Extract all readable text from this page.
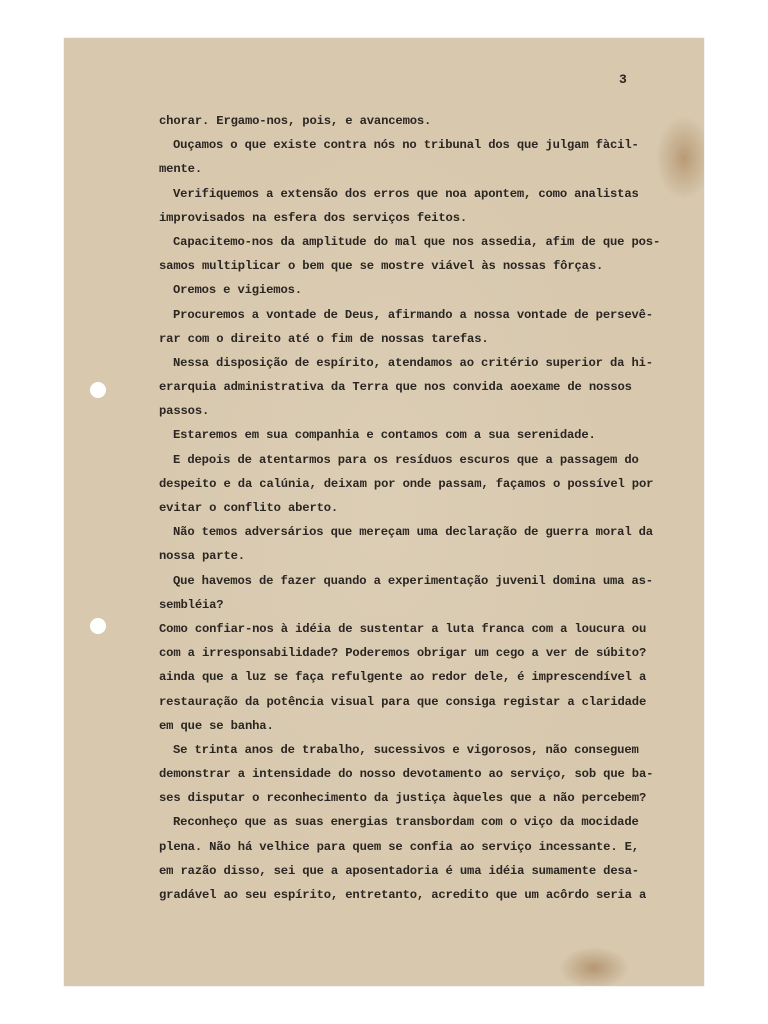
3
chorar. Ergamo-nos, pois, e avancemos.
Ouçamos o que existe contra nós no tribunal dos que julgam fàcil-
mente.
Verifiquemos a extensão dos erros que noa apontem, como analistas
improvisados na esfera dos serviços feitos.
Capacitemo-nos da amplitude do mal que nos assedia, afim de que pos-
samos multiplicar o bem que se mostre viável às nossas fôrças.
Oremos e vigiemos.
Procuremos a vontade de Deus, afirmando a nossa vontade de persevê-
rar com o direito até o fim de nossas tarefas.
Nessa disposição de espírito, atendamos ao critério superior da hi-
erarquia administrativa da Terra que nos convida aoexame de nossos
passos.
Estaremos em sua companhia e contamos com a sua serenidade.
E depois de atentarmos para os resíduos escuros que a passagem do
despeito e da calúnia, deixam por onde passam, façamos o possível por
evitar o conflito aberto.
Não temos adversários que mereçam uma declaração de guerra moral da
nossa parte.
Que havemos de fazer quando a experimentação juvenil domina uma as-
sembléia?
Como confiar-nos à idéia de sustentar a luta franca com a loucura ou
com a irresponsabilidade? Poderemos obrigar um cego a ver de súbito?
ainda que a luz se faça refulgente ao redor dele, é imprescendível a
restauração da potência visual para que consiga registar a claridade
em que se banha.
Se trinta anos de trabalho, sucessivos e vigorosos, não conseguem
demonstrar a intensidade do nosso devotamento ao serviço, sob que ba-
ses disputar o reconhecimento da justiça àqueles que a não percebem?
Reconheço que as suas energias transbordam com o viço da mocidade
plena. Não há velhice para quem se confia ao serviço incessante. E,
em razão disso, sei que a aposentadoria é uma idéia sumamente desa-
gradável ao seu espírito, entretanto, acredito que um acôrdo seria a
